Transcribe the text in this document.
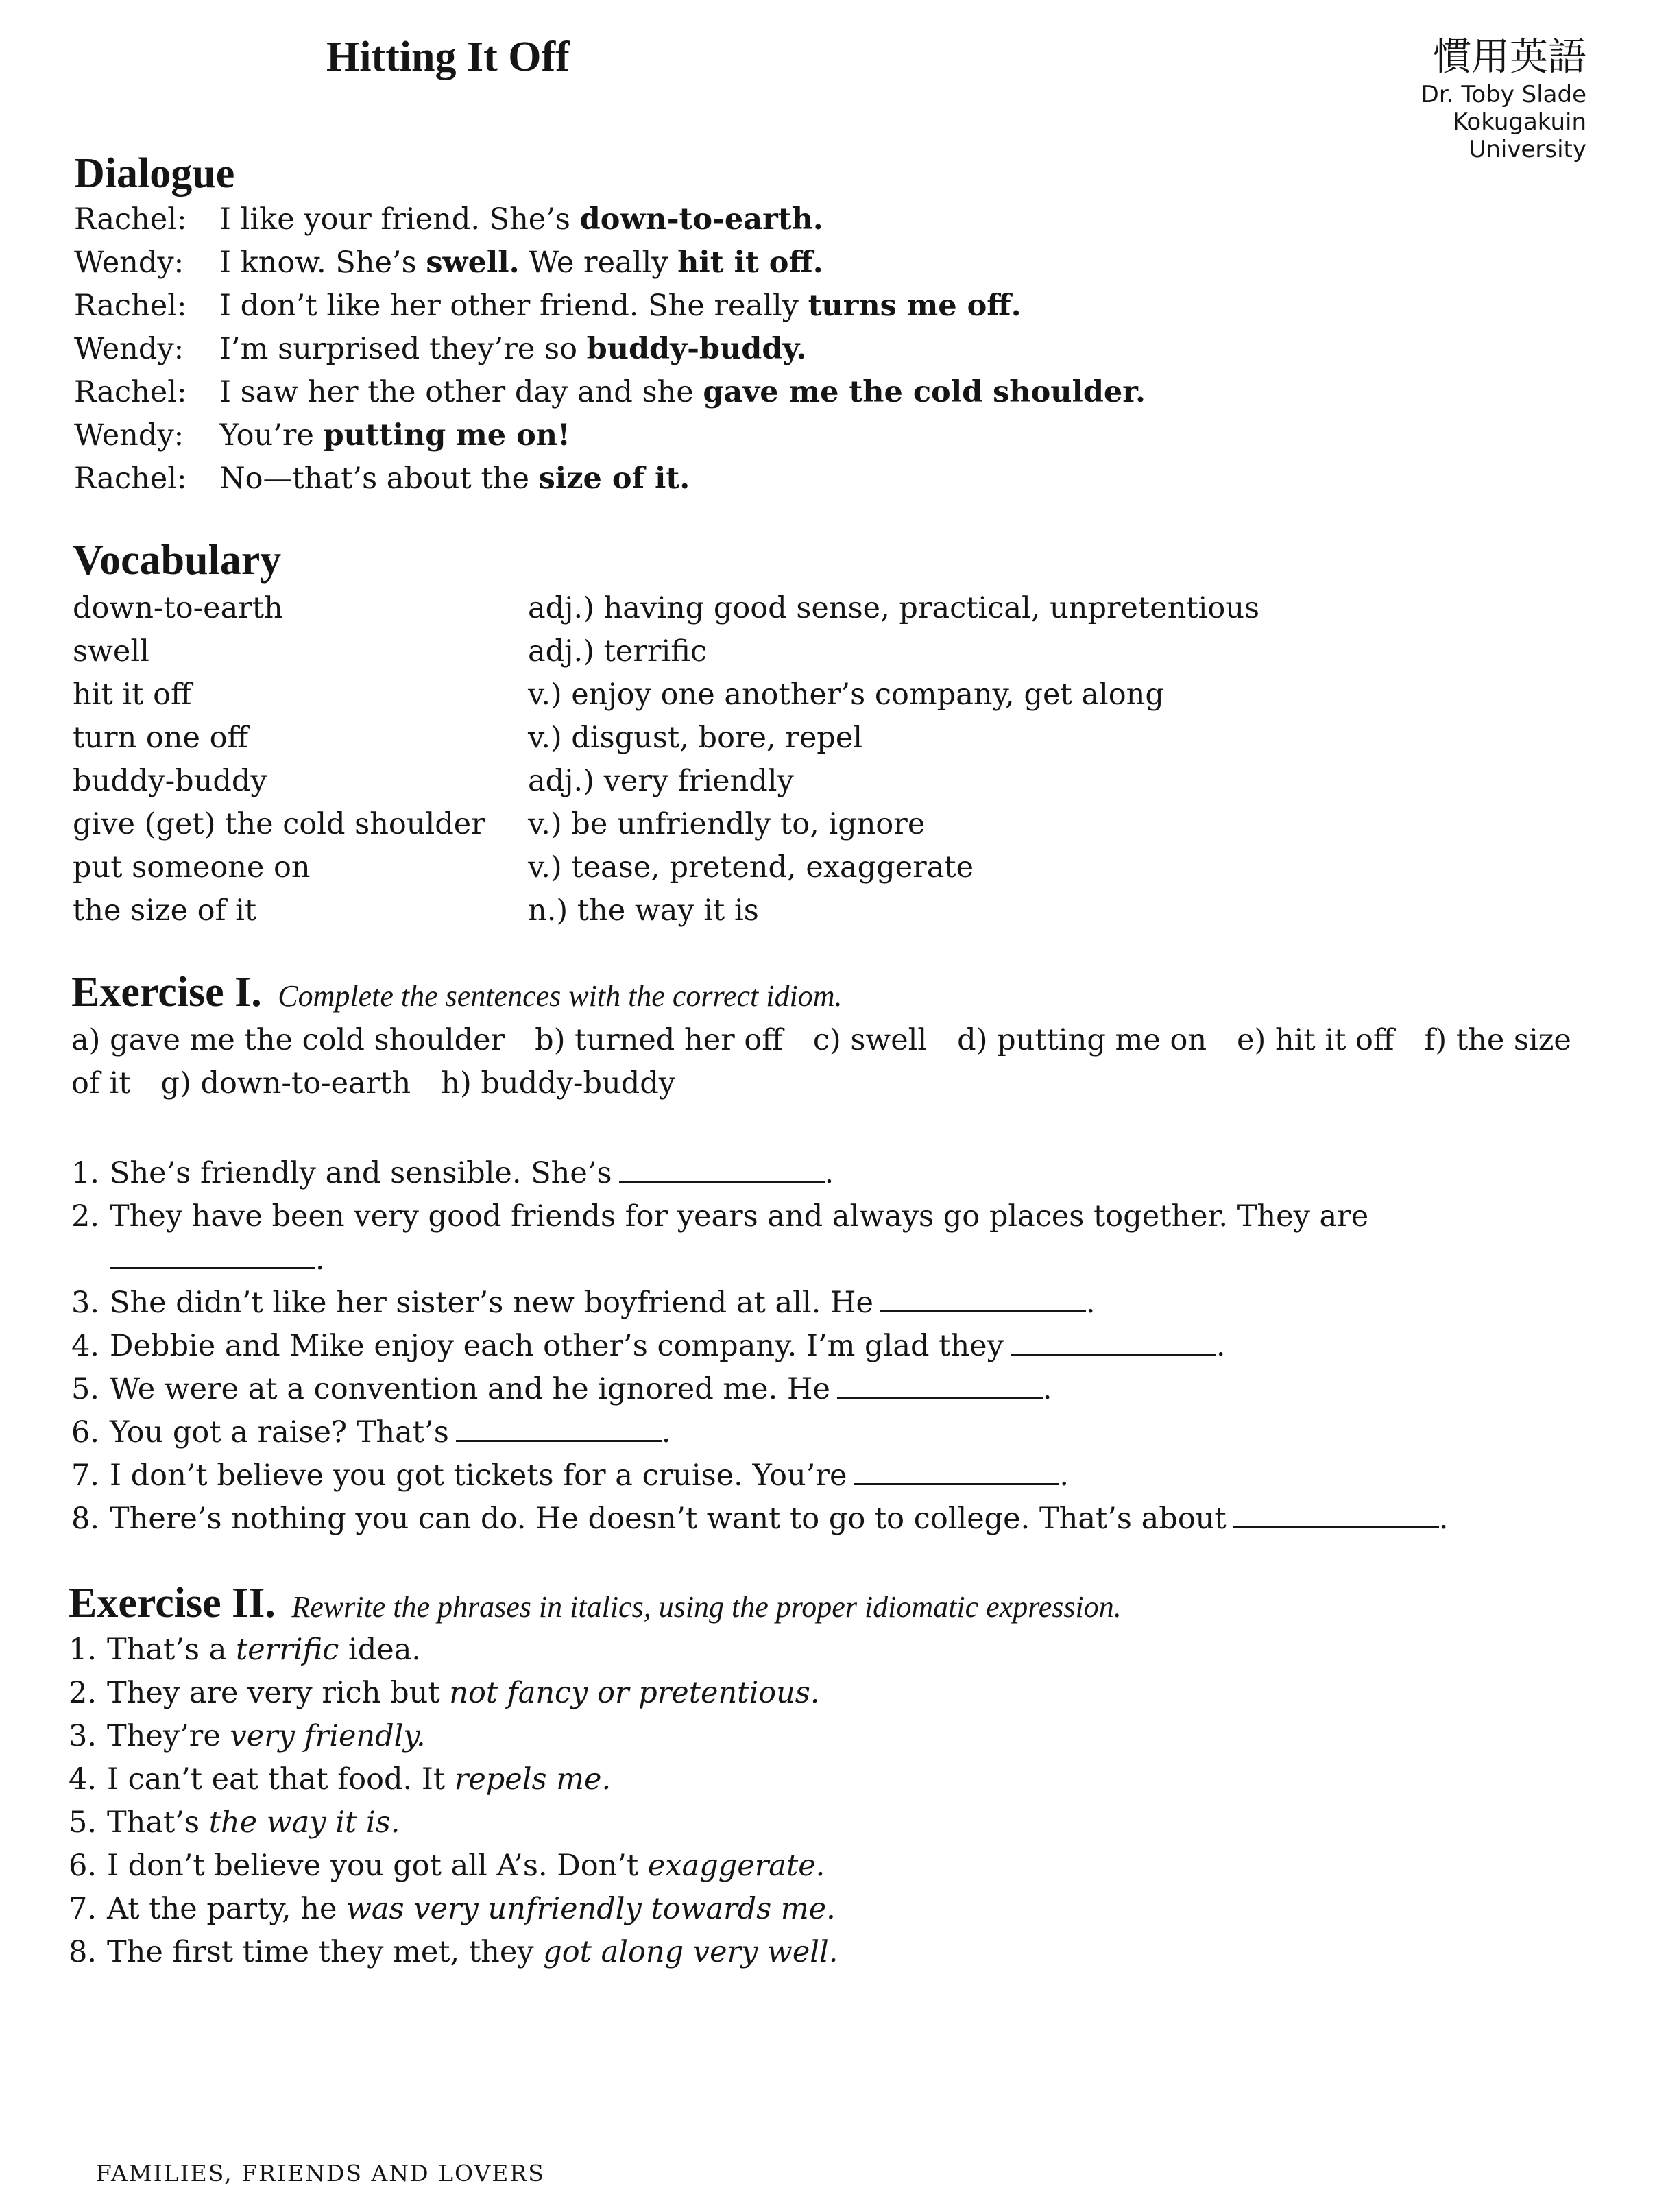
Hitting It Off	慣用英語
Dr. Toby Slade
Kokugakuin
University
Dialogue
Rachel: I like your friend. She’s down-to-earth.
Wendy: I know. She’s swell. We really hit it off.
Rachel: I don’t like her other friend. She really turns me off.
Wendy: I’m surprised they’re so buddy-buddy.
Rachel: I saw her the other day and she gave me the cold shoulder.
Wendy: You’re putting me on!
Rachel: No—that’s about the size of it.
Vocabulary
down-to-earth	adj.) having good sense, practical, unpretentious
swell	adj.) terrific
hit it off	v.) enjoy one another’s company, get along
turn one off	v.) disgust, bore, repel
buddy-buddy	adj.) very friendly
give (get) the cold shoulder v.) be unfriendly to, ignore
put someone on	v.) tease, pretend, exaggerate
the size of it	n.) the way it is
Exercise I. Complete the sentences with the correct idiom.
a) gave me the cold shoulder b) turned her off c) swell d) putting me on e) hit it off f) the size
of it g) down-to-earth h) buddy-buddy
1. She’s friendly and sensible. She’s	.
2. They have been very good friends for years and always go places together. They are
.
3. She didn’t like her sister’s new boyfriend at all. He	.
4. Debbie and Mike enjoy each other’s company. I’m glad they	.
5. We were at a convention and he ignored me. He	.
6. You got a raise? That’s	.
7. I don’t believe you got tickets for a cruise. You’re	.
8. There’s nothing you can do. He doesn’t want to go to college. That’s about	.
Exercise II. Rewrite the phrases in italics, using the proper idiomatic expression.
1. That’s a terrific idea.
2. They are very rich but not fancy or pretentious.
3. They’re very friendly.
4. I can’t eat that food. It repels me.
5. That’s the way it is.
6. I don’t believe you got all A’s. Don’t exaggerate.
7. At the party, he was very unfriendly towards me.
8. The first time they met, they got along very well.
FAMILIES, FRIENDS AND LOVERS
